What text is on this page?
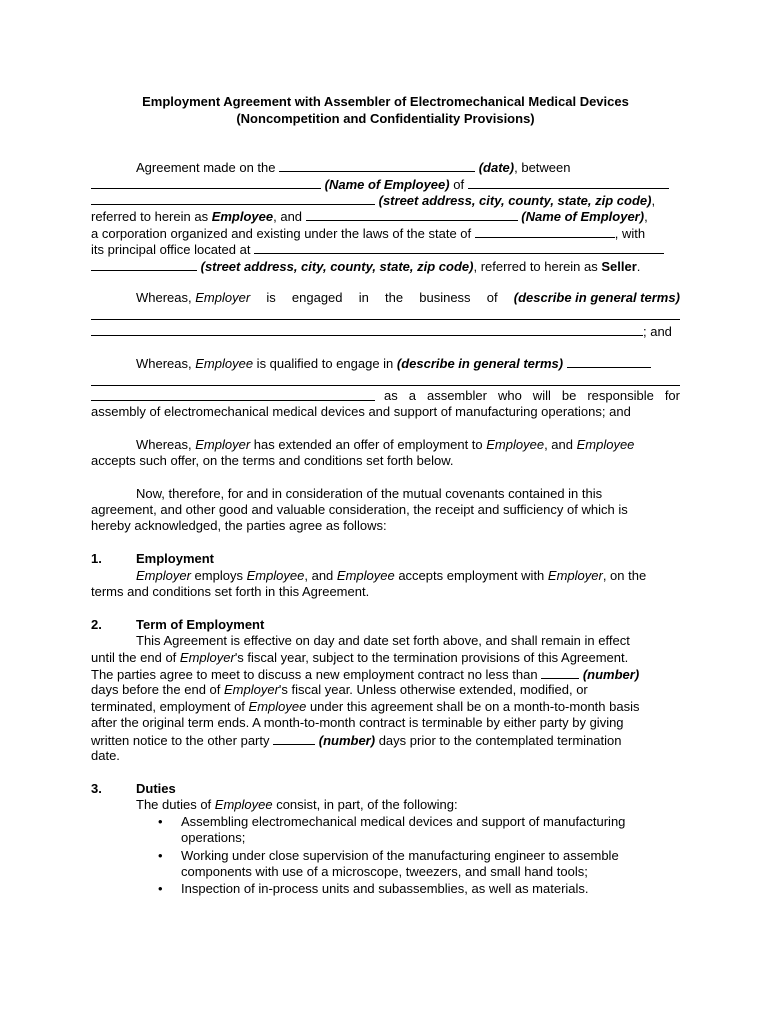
Employment Agreement with Assembler of Electromechanical Medical Devices
(Noncompetition and Confidentiality Provisions)
Agreement made on the	(date), between
(Name of Employee) of
(street address, city, county, state, zip code),
referred to herein as Employee, and	(Name of Employer),
a corporation organized and existing under the laws of the state of	, with
its principal office located at
(street address, city, county, state, zip code), referred to herein as Seller.
Whereas, Employer is engaged in the business of (describe in general terms)
; and
Whereas, Employee is qualified to engage in (describe in general terms)
as a assembler who will be responsible for
assembly of electromechanical medical devices and support of manufacturing operations; and
Whereas, Employer has extended an offer of employment to Employee, and Employee
accepts such offer, on the terms and conditions set forth below.
Now, therefore, for and in consideration of the mutual covenants contained in this
agreement, and other good and valuable consideration, the receipt and sufficiency of which is
hereby acknowledged, the parties agree as follows:
1.	Employment
Employer employs Employee, and Employee accepts employment with Employer, on the
terms and conditions set forth in this Agreement.
2.	Term of Employment
This Agreement is effective on day and date set forth above, and shall remain in effect
until the end of Employer's fiscal year, subject to the termination provisions of this Agreement.
The parties agree to meet to discuss a new employment contract no less than	(number)
days before the end of Employer's fiscal year. Unless otherwise extended, modified, or
terminated, employment of Employee under this agreement shall be on a month-to-month basis
after the original term ends. A month-to-month contract is terminable by either party by giving
written notice to the other party	(number) days prior to the contemplated termination
date.
3.	Duties
The duties of Employee consist, in part, of the following:
• Assembling electromechanical medical devices and support of manufacturing
operations;
• Working under close supervision of the manufacturing engineer to assemble
components with use of a microscope, tweezers, and small hand tools;
• Inspection of in-process units and subassemblies, as well as materials.
